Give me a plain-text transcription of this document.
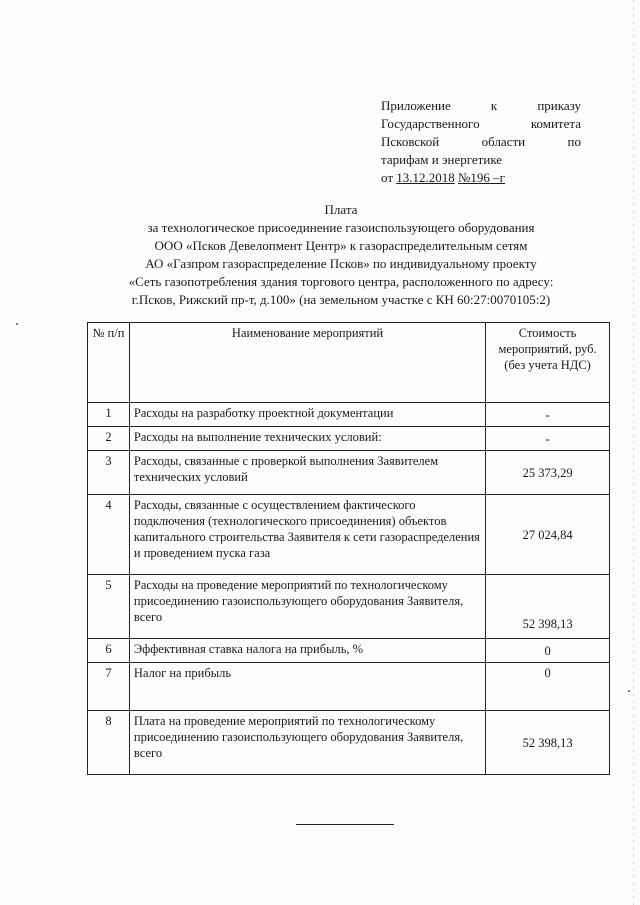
Приложение	к	приказу
Государственного	комитета
Псковской	области	по
тарифам и энергетике
от
13.12.2018
№196 –г
Плата
за технологическое присоединение газоиспользующего оборудования
ООО «Псков Девелопмент Центр» к газораспределительным сетям
АО «Газпром газораспределение Псков» по индивидуальному проекту
«Сеть газопотребления здания торгового центра, расположенного по адресу:
г.Псков, Рижский пр-т, д.100» (на земельном участке с КН 60:27:0070105:2)
№ п/п	Наименование мероприятий	Стоимость мероприятий, руб. (без учета НДС)
1	Расходы на разработку проектной документации	-
2	Расходы на выполнение технических условий:	-
3	Расходы, связанные с проверкой выполнения Заявителем технических условий	25 373,29
4	Расходы, связанные с осуществлением фактического подключения (технологического присоединения) объектов капитального строительства Заявителя к сети газораспределения и проведением пуска газа	27 024,84
5	Расходы на проведение мероприятий по технологическому присоединению газоиспользующего оборудования Заявителя, всего	52 398,13
6	Эффективная ставка налога на прибыль, %	0
7	Налог на прибыль	0
8	Плата на проведение мероприятий по технологическому присоединению газоиспользующего оборудования Заявителя, всего	52 398,13
